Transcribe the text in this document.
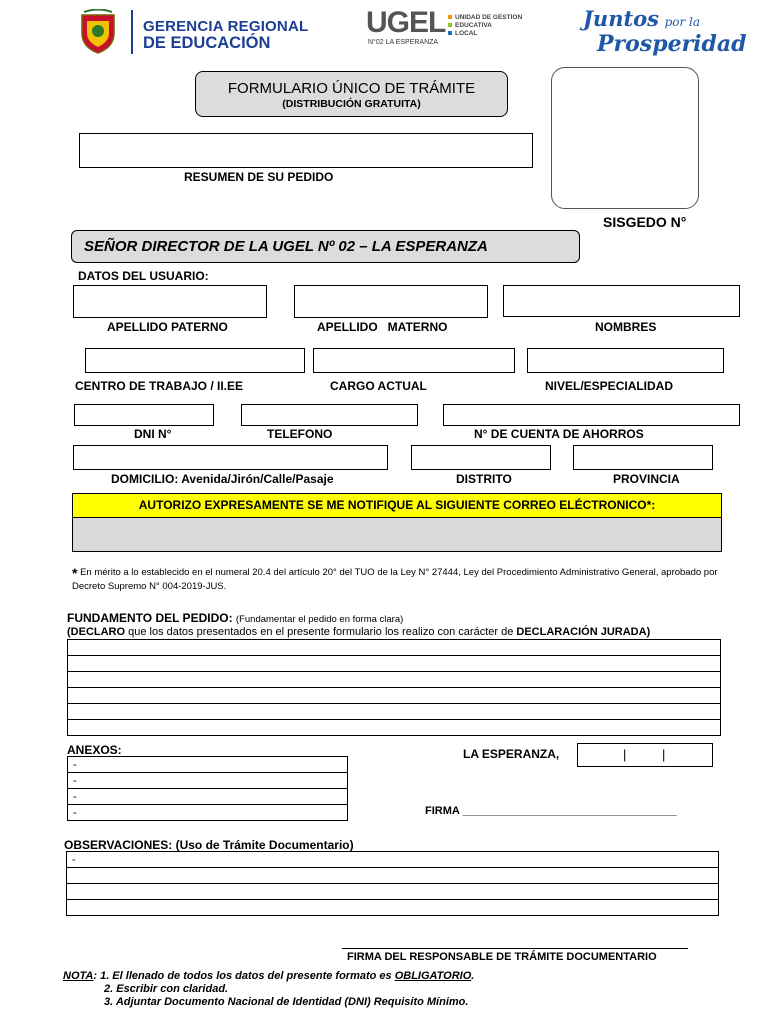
GERENCIA REGIONAL
DE EDUCACIÓN
UGEL
N°02 LA ESPERANZA
UNIDAD DE GESTION
EDUCATIVA
LOCAL
Juntos por la
Prosperidad
FORMULARIO ÚNICO DE TRÁMITE
(DISTRIBUCIÓN GRATUITA)
RESUMEN DE SU PEDIDO
SISGEDO N°
SEÑOR DIRECTOR DE LA UGEL Nº 02 – LA ESPERANZA
DATOS DEL USUARIO:
APELLIDO PATERNO	APELLIDO   MATERNO	NOMBRES
CENTRO DE TRABAJO / II.EE	CARGO ACTUAL	NIVEL/ESPECIALIDAD
DNI N°	TELEFONO	N° DE CUENTA DE AHORROS
DOMICILIO: Avenida/Jirón/Calle/Pasaje	DISTRITO	PROVINCIA
AUTORIZO EXPRESAMENTE SE ME NOTIFIQUE AL SIGUIENTE CORREO ELÉCTRONICO*:
* En mérito a lo establecido en el numeral 20.4 del artículo 20° del TUO de la Ley N° 27444, Ley del Procedimiento Administrativo General, aprobado por Decreto Supremo N° 004-2019-JUS.
FUNDAMENTO DEL PEDIDO: (Fundamentar el pedido en forma clara)
(DECLARO que los datos presentados en el presente formulario los realizo con carácter de DECLARACIÓN JURADA)

ANEXOS:
-
-
-
-
LA ESPERANZA,	|	|
FIRMA ___________________________________
OBSERVACIONES: (Uso de Trámite Documentario)
-

FIRMA DEL RESPONSABLE DE TRÁMITE DOCUMENTARIO
NOTA: 1. El llenado de todos los datos del presente formato es OBLIGATORIO.
2. Escribir con claridad.
3. Adjuntar Documento Nacional de Identidad (DNI) Requisito Mínimo.
